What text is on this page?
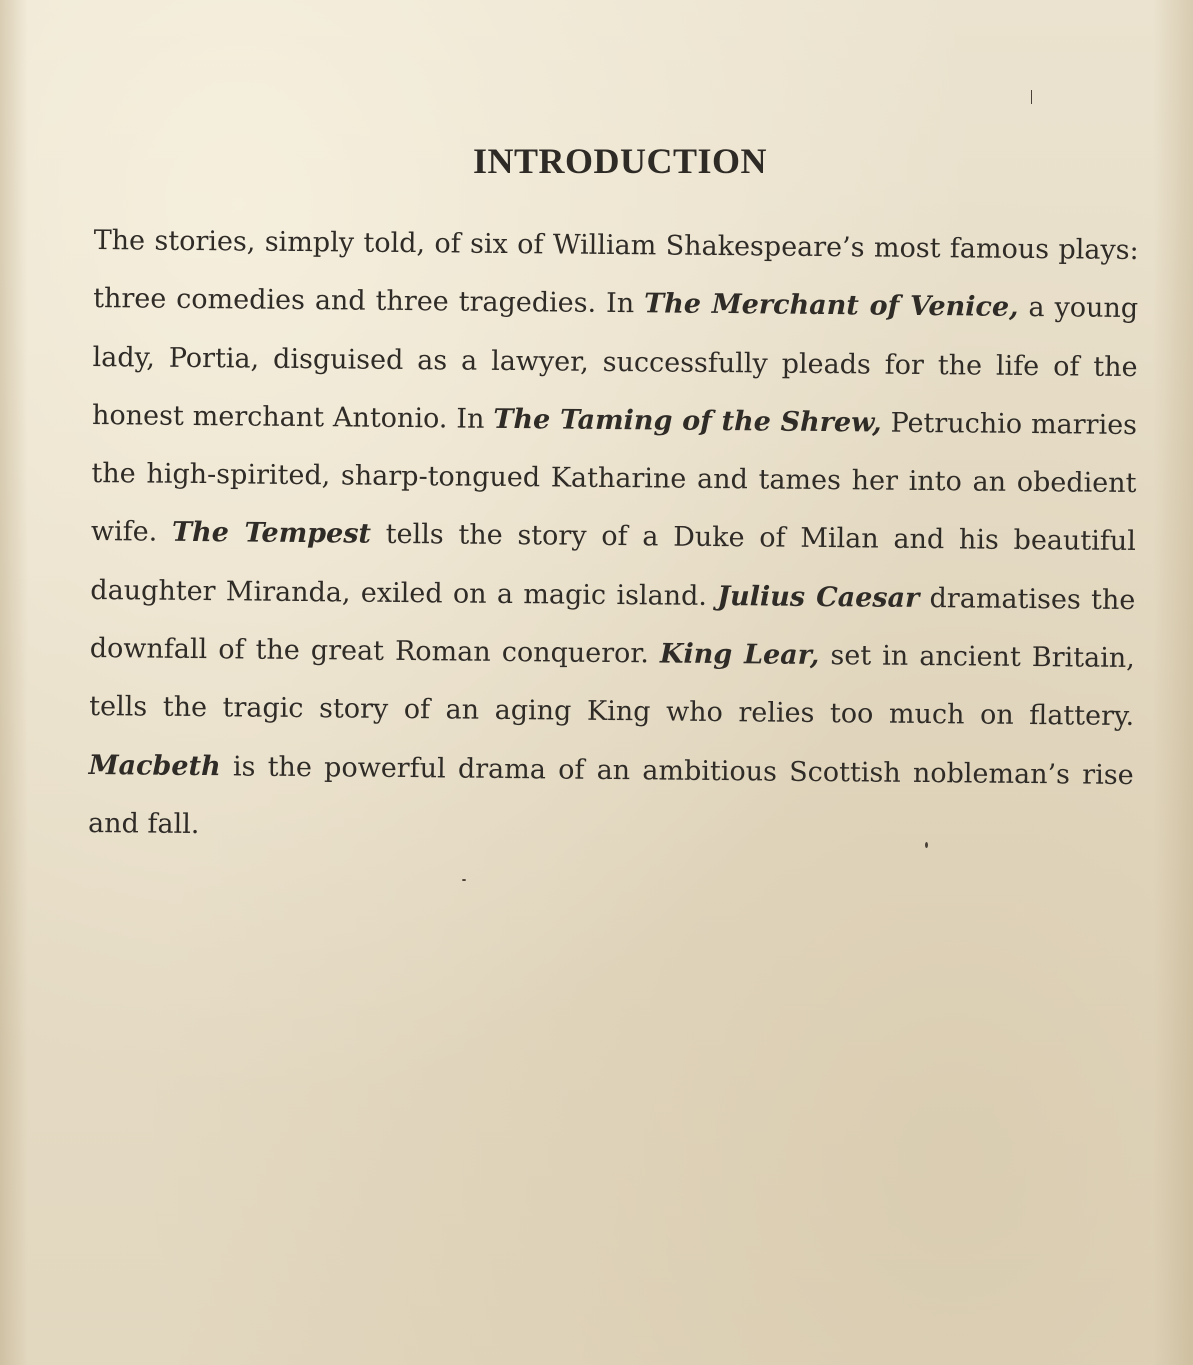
INTRODUCTION

The stories, simply told, of six of William Shakespeare’s most famous plays: three comedies and three tragedies. In The Merchant of Venice, a young lady, Portia, disguised as a lawyer, successfully pleads for the life of the honest merchant Antonio. In The Taming of the Shrew, Petruchio marries the high-spirited, sharp-tongued Katharine and tames her into an obedient wife. The Tempest tells the story of a Duke of Milan and his beautiful daughter Miranda, exiled on a magic island. Julius Caesar dramatises the downfall of the great Roman conqueror. King Lear, set in ancient Britain, tells the tragic story of an aging King who relies too much on flattery. Macbeth is the powerful drama of an ambitious Scottish nobleman’s rise and fall.
